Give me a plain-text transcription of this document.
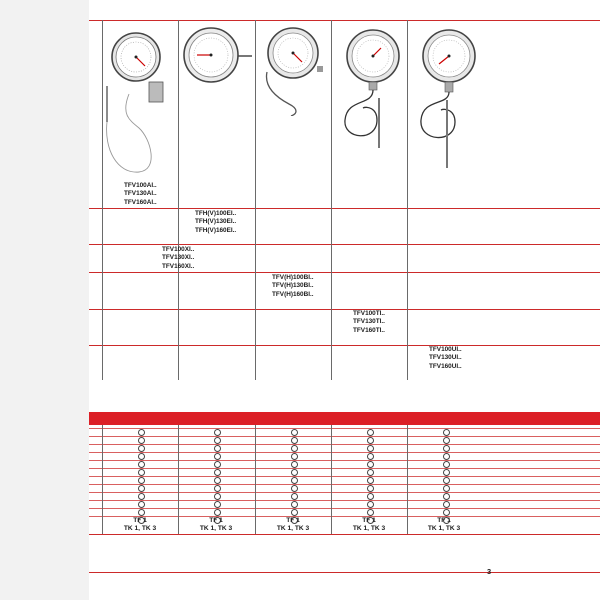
TFV100AI..
TFV130AI..
TFV160AI..
TFH(V)100EI..
TFH(V)130EI..
TFH(V)160EI..
TFV100XI..
TFV130XI..
TFV160XI..
TFV(H)100BI..
TFV(H)130BI..
TFV(H)160BI..
TFV100TI..
TFV130TI..
TFV160TI..
TFV100UI..
TFV130UI..
TFV160UI..
TF 1
TK 1, TK 3
TF 1
TK 1, TK 3
TF 1
TK 1, TK 3
TF 1
TK 1, TK 3
TF 1
TK 1, TK 3
3
